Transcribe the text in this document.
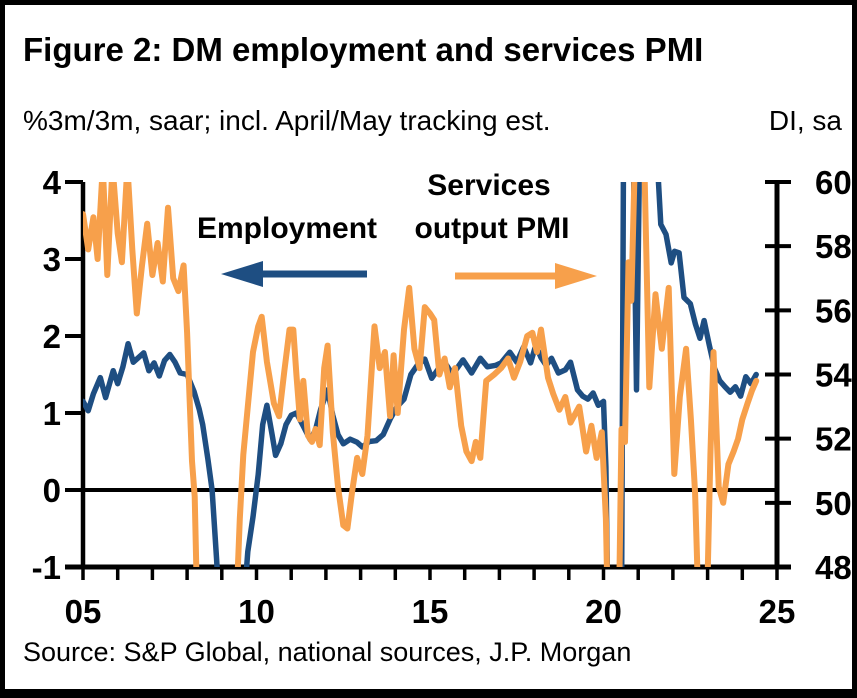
-1
0
1
2
3
4
48
50
52
54
56
58
60
05	10	15	20	25
Employment
Services
output PMI
Figure 2: DM employment and services PMI
%3m/3m, saar; incl. April/May tracking est.	DI, sa
Source: S&P Global, national sources, J.P. Morgan
